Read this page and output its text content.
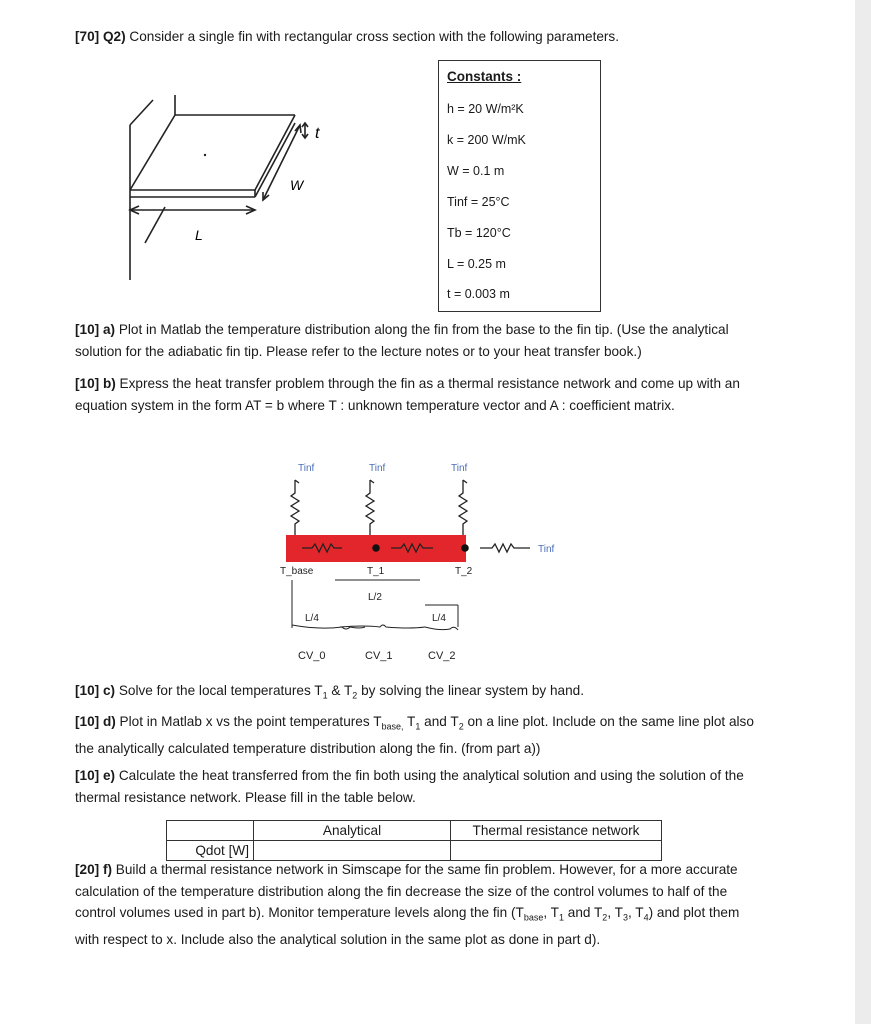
[70] Q2) Consider a single fin with rectangular cross section with the following parameters.
t
W
L
Constants :
h = 20 W/m²K
k = 200 W/mK
W = 0.1 m
Tinf = 25°C
Tb = 120°C
L = 0.25 m
t = 0.003 m
[10] a) Plot in Matlab the temperature distribution along the fin from the base to the fin tip. (Use the analytical solution for the adiabatic fin tip. Please refer to the lecture notes or to your heat transfer book.)
[10] b) Express the heat transfer problem through the fin as a thermal resistance network and come up with an equation system in the form AT = b where T : unknown temperature vector and A : coefficient matrix.
Tinf	Tinf	Tinf
Tinf
T_base	T_1	T_2
L/2
L/4	L/4
CV_0	CV_1	CV_2
[10] c) Solve for the local temperatures $T_1$ & $T_2$ by solving the linear system by hand.
[10] d) Plot in Matlab x vs the point temperatures $T_{base,}$ $T_1$ and $T_2$ on a line plot. Include on the same line plot also the analytically calculated temperature distribution along the fin. (from part a))
[10] e) Calculate the heat transferred from the fin both using the analytical solution and using the solution of the thermal resistance network. Please fill in the table below.
	Analytical	Thermal resistance network
Qdot [W]		
[20] f) Build a thermal resistance network in Simscape for the same fin problem. However, for a more accurate calculation of the temperature distribution along the fin decrease the size of the control volumes to half of the control volumes used in part b). Monitor temperature levels along the fin ($T_{base}$, $T_1$ and $T_2$, $T_3$, $T_4$) and plot them with respect to x. Include also the analytical solution in the same plot as done in part d).
